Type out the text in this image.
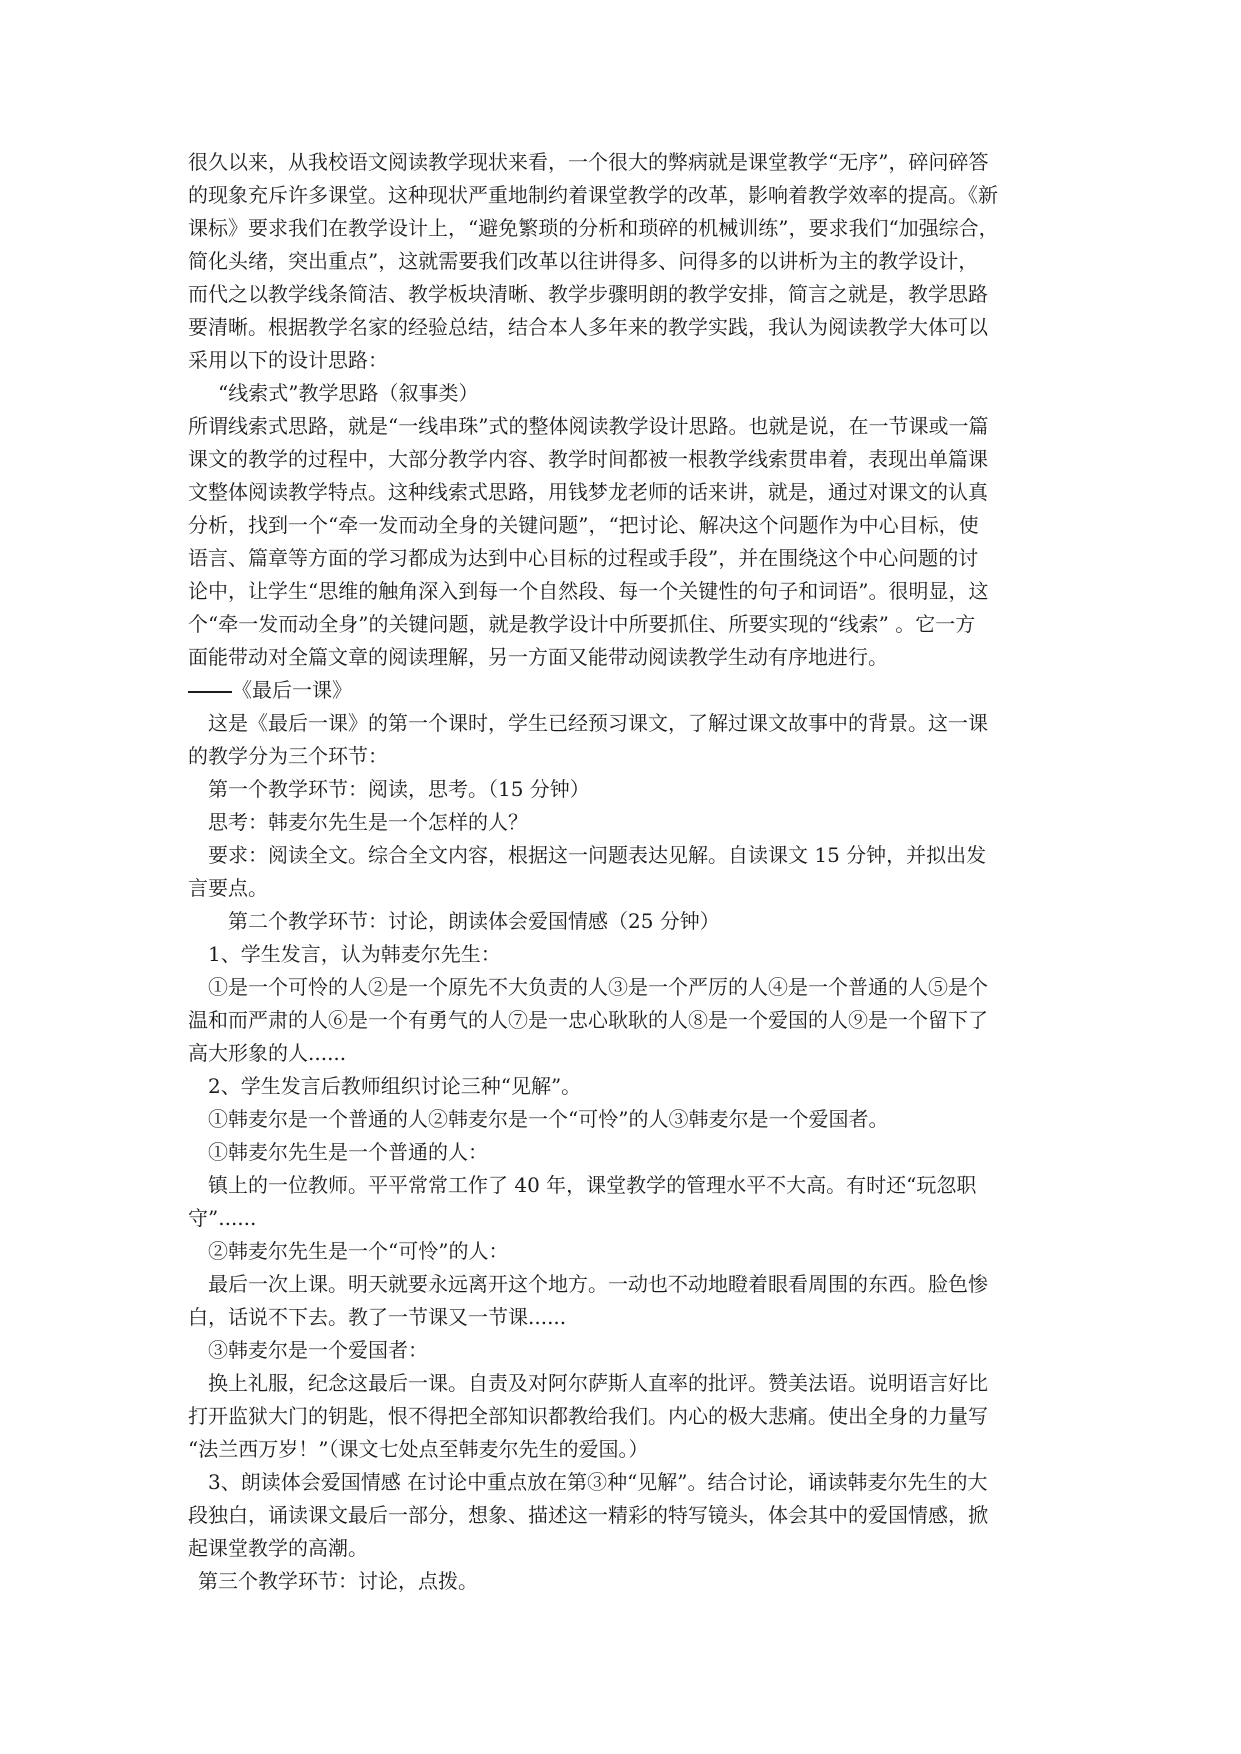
很久以来，从我校语文阅读教学现状来看，一个很大的弊病就是课堂教学“无序”，碎问碎答
的现象充斥许多课堂。这种现状严重地制约着课堂教学的改革，影响着教学效率的提高。《新
课标》要求我们在教学设计上，“避免繁琐的分析和琐碎的机械训练”，要求我们“加强综合，
简化头绪，突出重点”，这就需要我们改革以往讲得多、问得多的以讲析为主的教学设计，
而代之以教学线条简洁、教学板块清晰、教学步骤明朗的教学安排，简言之就是，教学思路
要清晰。根据教学名家的经验总结，结合本人多年来的教学实践，我认为阅读教学大体可以
采用以下的设计思路：
“线索式”教学思路（叙事类）
所谓线索式思路，就是“一线串珠”式的整体阅读教学设计思路。也就是说，在一节课或一篇
课文的教学的过程中，大部分教学内容、教学时间都被一根教学线索贯串着，表现出单篇课
文整体阅读教学特点。这种线索式思路，用钱梦龙老师的话来讲，就是，通过对课文的认真
分析，找到一个“牵一发而动全身的关键问题”，“把讨论、解决这个问题作为中心目标，使
语言、篇章等方面的学习都成为达到中心目标的过程或手段”，并在围绕这个中心问题的讨
论中，让学生“思维的触角深入到每一个自然段、每一个关键性的句子和词语”。很明显，这
个“牵一发而动全身”的关键问题，就是教学设计中所要抓住、所要实现的“线索” 。它一方
面能带动对全篇文章的阅读理解，另一方面又能带动阅读教学生动有序地进行。
《最后一课》
这是《最后一课》的第一个课时，学生已经预习课文，了解过课文故事中的背景。这一课
的教学分为三个环节：
第一个教学环节：阅读，思考。（15 分钟）
思考：韩麦尔先生是一个怎样的人？
要求：阅读全文。综合全文内容，根据这一问题表达见解。自读课文 15 分钟，并拟出发
言要点。
第二个教学环节：讨论，朗读体会爱国情感（25 分钟）
1、学生发言，认为韩麦尔先生：
①是一个可怜的人②是一个原先不大负责的人③是一个严厉的人④是一个普通的人⑤是个
温和而严肃的人⑥是一个有勇气的人⑦是一忠心耿耿的人⑧是一个爱国的人⑨是一个留下了
高大形象的人......
2、学生发言后教师组织讨论三种“见解”。
①韩麦尔是一个普通的人②韩麦尔是一个“可怜”的人③韩麦尔是一个爱国者。
①韩麦尔先生是一个普通的人：
镇上的一位教师。平平常常工作了 40 年，课堂教学的管理水平不大高。有时还“玩忽职
守”......
②韩麦尔先生是一个“可怜”的人：
最后一次上课。明天就要永远离开这个地方。一动也不动地瞪着眼看周围的东西。脸色惨
白，话说不下去。教了一节课又一节课......
③韩麦尔是一个爱国者：
换上礼服，纪念这最后一课。自责及对阿尔萨斯人直率的批评。赞美法语。说明语言好比
打开监狱大门的钥匙，恨不得把全部知识都教给我们。内心的极大悲痛。使出全身的力量写
“法兰西万岁！”（课文七处点至韩麦尔先生的爱国。）
3、朗读体会爱国情感 在讨论中重点放在第③种“见解”。结合讨论，诵读韩麦尔先生的大
段独白，诵读课文最后一部分，想象、描述这一精彩的特写镜头，体会其中的爱国情感，掀
起课堂教学的高潮。
第三个教学环节：讨论，点拨。
